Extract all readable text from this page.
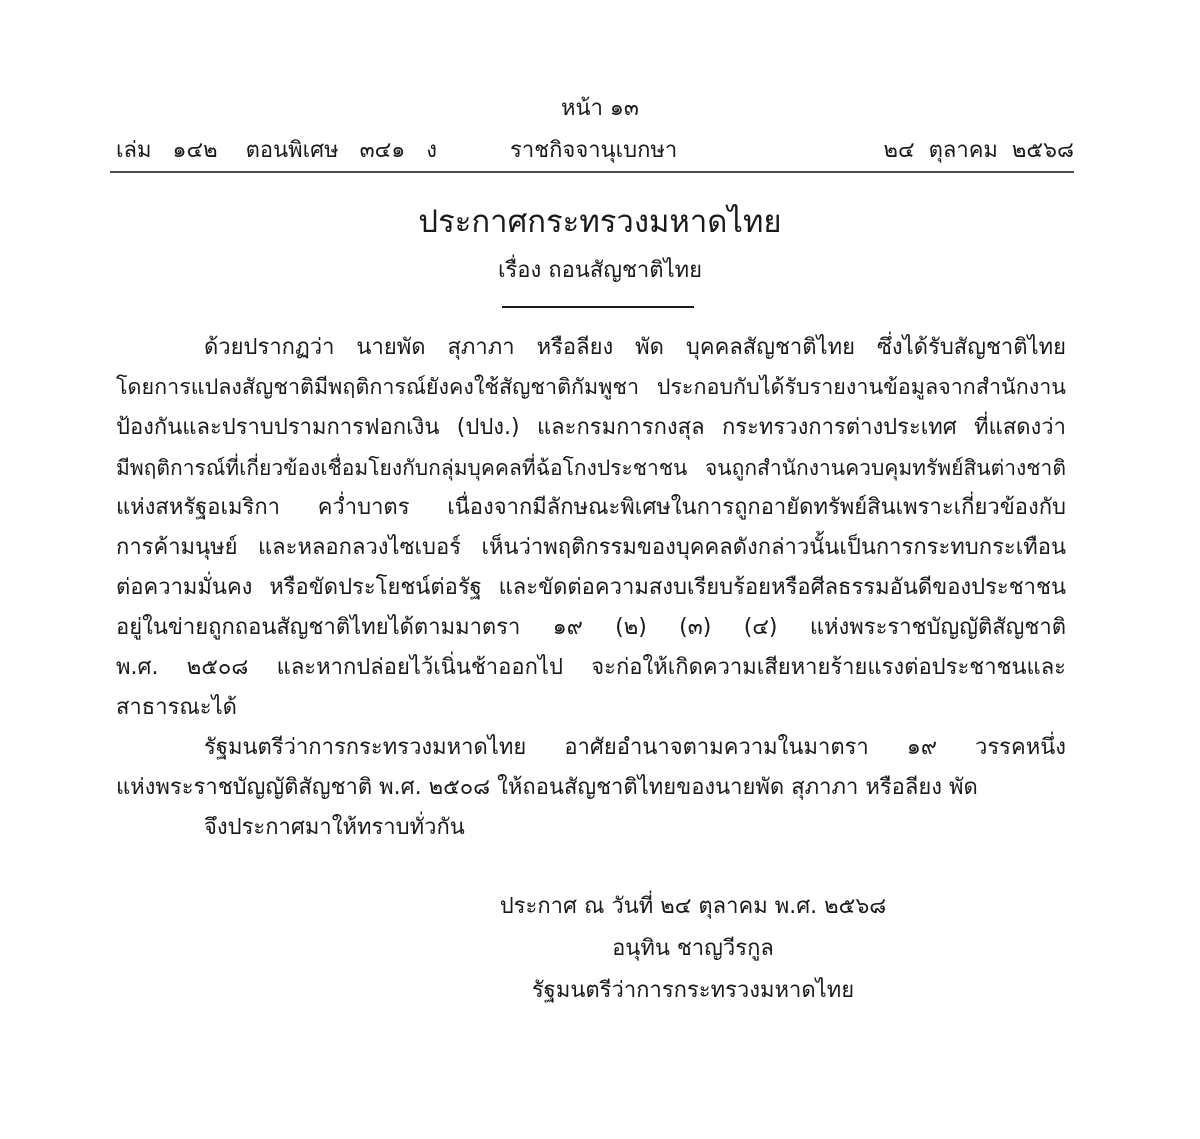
หน้า ๑๓
เล่ม   ๑๔๒    ตอนพิเศษ   ๓๔๑   ง	ราชกิจจานุเบกษา	๒๔  ตุลาคม  ๒๕๖๘
ประกาศกระทรวงมหาดไทย
เรื่อง ถอนสัญชาติไทย
ด้วยปรากฏว่า นายพัด สุภาภา หรือลียง พัด บุคคลสัญชาติไทย ซึ่งได้รับสัญชาติไทย
โดยการแปลงสัญชาติมีพฤติการณ์ยังคงใช้สัญชาติกัมพูชา ประกอบกับได้รับรายงานข้อมูลจากสำนักงาน
ป้องกันและปราบปรามการฟอกเงิน (ปปง.) และกรมการกงสุล กระทรวงการต่างประเทศ ที่แสดงว่า
มีพฤติการณ์ที่เกี่ยวข้องเชื่อมโยงกับกลุ่มบุคคลที่ฉ้อโกงประชาชน จนถูกสำนักงานควบคุมทรัพย์สินต่างชาติ
แห่งสหรัฐอเมริกา คว่ำบาตร เนื่องจากมีลักษณะพิเศษในการถูกอายัดทรัพย์สินเพราะเกี่ยวข้องกับ
การค้ามนุษย์ และหลอกลวงไซเบอร์ เห็นว่าพฤติกรรมของบุคคลดังกล่าวนั้นเป็นการกระทบกระเทือน
ต่อความมั่นคง หรือขัดประโยชน์ต่อรัฐ และขัดต่อความสงบเรียบร้อยหรือศีลธรรมอันดีของประชาชน
อยู่ในข่ายถูกถอนสัญชาติไทยได้ตามมาตรา ๑๙ (๒) (๓) (๔) แห่งพระราชบัญญัติสัญชาติ
พ.ศ. ๒๕๐๘ และหากปล่อยไว้เนิ่นช้าออกไป จะก่อให้เกิดความเสียหายร้ายแรงต่อประชาชนและ
สาธารณะได้
รัฐมนตรีว่าการกระทรวงมหาดไทย อาศัยอำนาจตามความในมาตรา ๑๙ วรรคหนึ่ง
แห่งพระราชบัญญัติสัญชาติ พ.ศ. ๒๕๐๘ ให้ถอนสัญชาติไทยของนายพัด สุภาภา หรือลียง พัด
จึงประกาศมาให้ทราบทั่วกัน
ประกาศ ณ วันที่ ๒๔ ตุลาคม พ.ศ. ๒๕๖๘
อนุทิน ชาญวีรกูล
รัฐมนตรีว่าการกระทรวงมหาดไทย
